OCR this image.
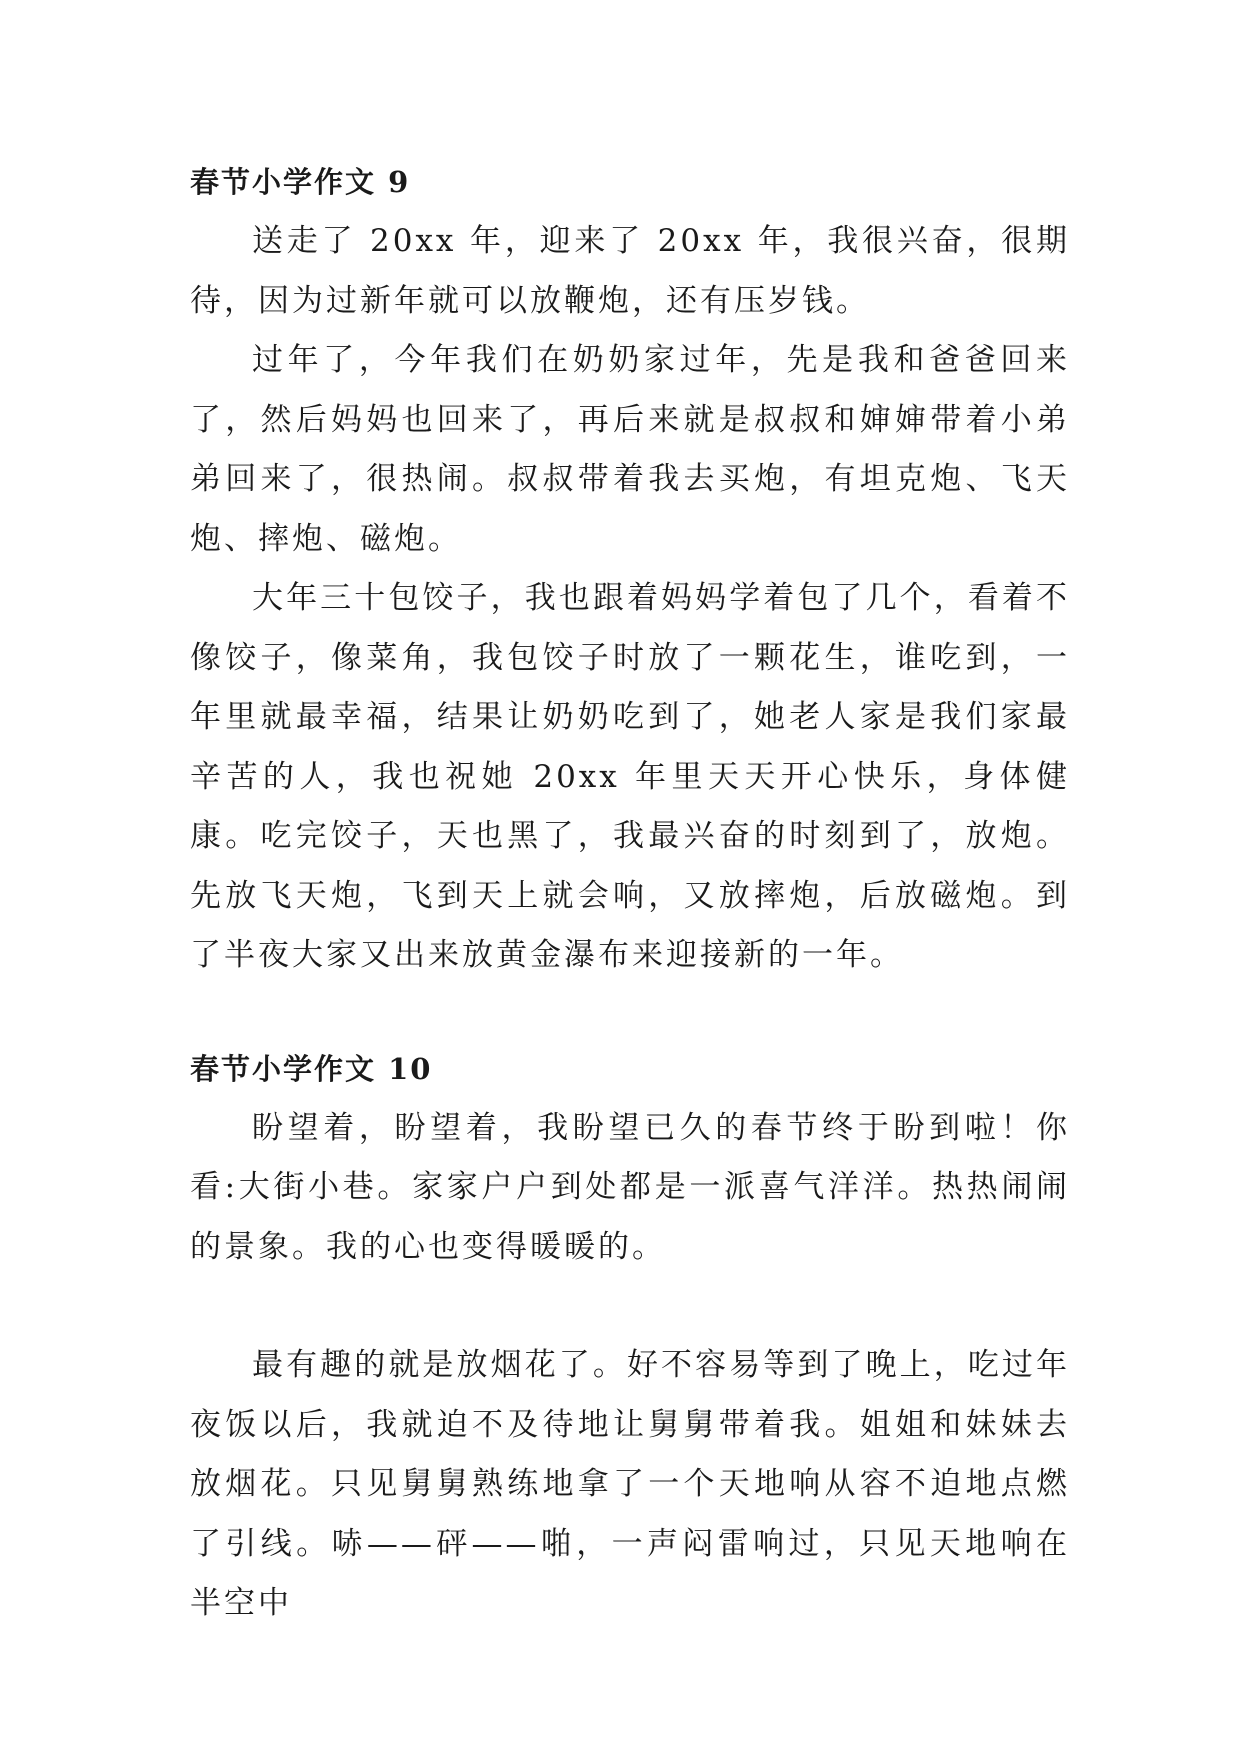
春节小学作文 9

送走了 20xx 年，迎来了 20xx 年，我很兴奋，很期待，因为过新年就可以放鞭炮，还有压岁钱。

过年了，今年我们在奶奶家过年，先是我和爸爸回来了，然后妈妈也回来了，再后来就是叔叔和婶婶带着小弟弟回来了，很热闹。叔叔带着我去买炮，有坦克炮、飞天炮、摔炮、磁炮。

大年三十包饺子，我也跟着妈妈学着包了几个，看着不像饺子，像菜角，我包饺子时放了一颗花生，谁吃到，一年里就最幸福，结果让奶奶吃到了，她老人家是我们家最辛苦的人，我也祝她 20xx 年里天天开心快乐，身体健康。吃完饺子，天也黑了，我最兴奋的时刻到了，放炮。先放飞天炮，飞到天上就会响，又放摔炮，后放磁炮。到了半夜大家又出来放黄金瀑布来迎接新的一年。

春节小学作文 10

盼望着，盼望着，我盼望已久的春节终于盼到啦！你看:大街小巷。家家户户到处都是一派喜气洋洋。热热闹闹的景象。我的心也变得暖暖的。

最有趣的就是放烟花了。好不容易等到了晚上，吃过年夜饭以后，我就迫不及待地让舅舅带着我。姐姐和妹妹去放烟花。只见舅舅熟练地拿了一个天地响从容不迫地点燃了引线。哧——砰——啪，一声闷雷响过，只见天地响在半空中
